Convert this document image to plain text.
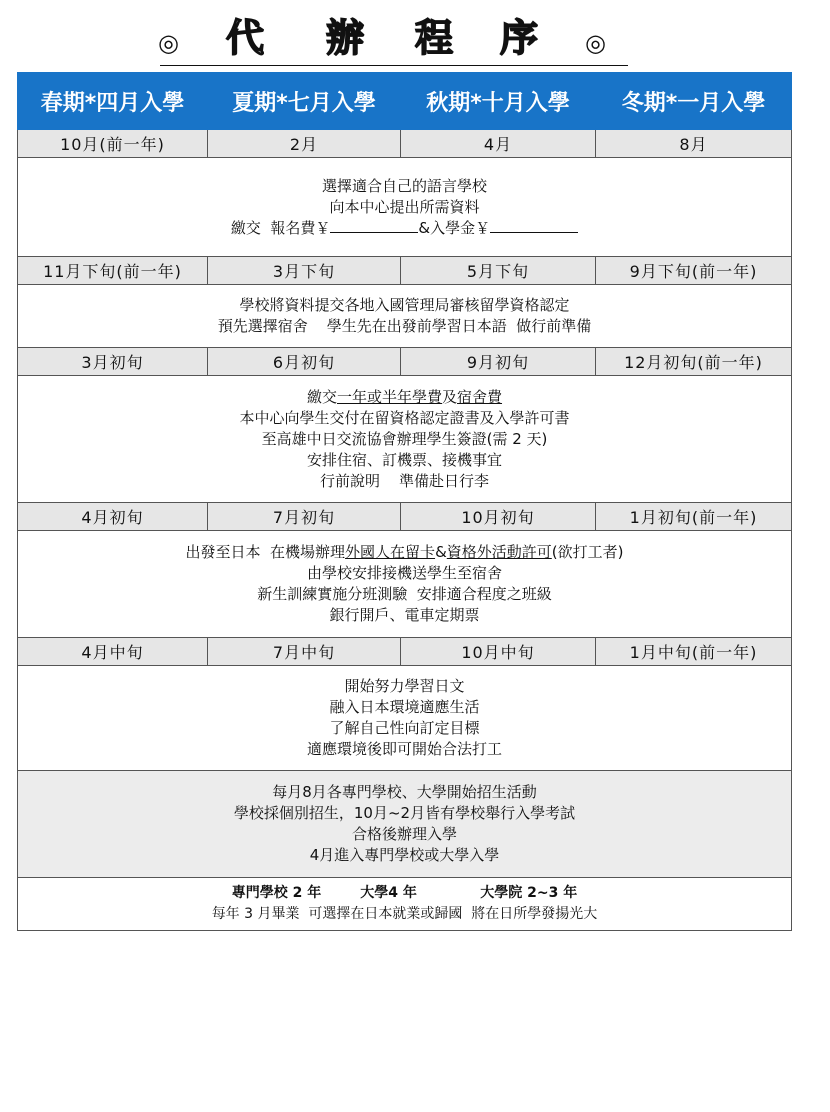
◎ 代 辦 程 序 ◎
春期*四月入學	夏期*七月入學	秋期*十月入學	冬期*一月入學
10月(前一年)	2月	4月	8月

選擇適合自己的語言學校
向本中心提出所需資料
繳交  報名費￥ &入學金￥			

11月下旬(前一年)	3月下旬	5月下旬	9月下旬(前一年)

學校將資料提交各地入國管理局審核留學資格認定
預先選擇宿舍    學生先在出發前學習日本語  做行前準備			

3月初旬	6月初旬	9月初旬	12月初旬(前一年)

繳交一年或半年學費及宿舍費
本中心向學生交付在留資格認定證書及入學許可書
至高雄中日交流協會辦理學生簽證(需 2 天)
安排住宿、訂機票、接機事宜
行前說明    準備赴日行李			

4月初旬	7月初旬	10月初旬	1月初旬(前一年)

出發至日本  在機場辦理外國人在留卡&資格外活動許可(欲打工者)
由學校安排接機送學生至宿舍
新生訓練實施分班測驗  安排適合程度之班級
銀行開戶、電車定期票			

4月中旬	7月中旬	10月中旬	1月中旬(前一年)

開始努力學習日文
融入日本環境適應生活
了解自己性向訂定目標
適應環境後即可開始合法打工			

每月8月各專門學校、大學開始招生活動
學校採個別招生，10月~2月皆有學校舉行入學考試
合格後辦理入學
4月進入專門學校或大學入學			

專門學校 2 年        大學4 年             大學院 2~3 年
每年 3 月畢業  可選擇在日本就業或歸國  將在日所學發揚光大			
